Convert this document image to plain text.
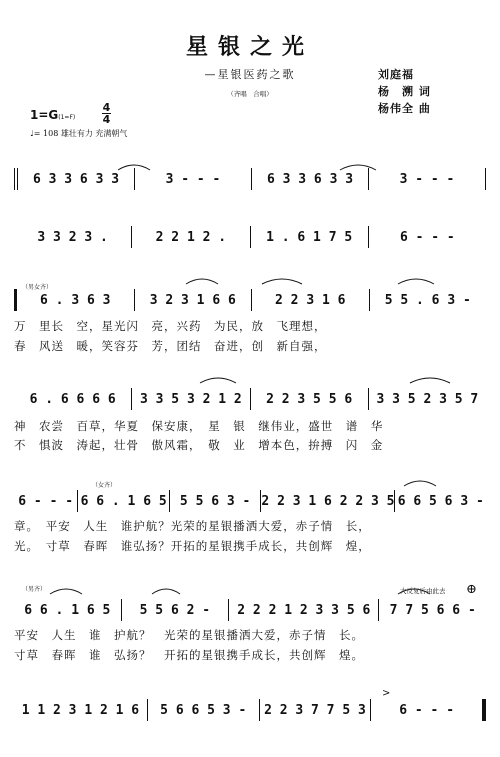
星银之光
—星银医药之歌
（齐唱　合唱）
刘庭福
杨　溯 词
杨伟全 曲
1=G(1=F)
4
4
♩= 108 雄壮有力 充满朝气
6 3 3 6 3 3	3 - - -	6 3 3 6 3 3	3 - - -
3 3 2 3 .	2 2 1 2 .	1 . 6 1 7 5	6 - - -
（男女齐）
6 . 3 6 3	3 2 3 1 6 6	2 2 3 1 6	5 5 . 6 3 -
万　里长　空，星光闪　亮，兴药　为民，放　飞理想，
春　风送　暖，笑容芬　芳，团结　奋进，创　新自强，
6 . 6 6 6 6	3 3 5 3 2 1 2	2 2 3 5 5 6	3 3 5 2 3 5 7
神　农尝　百草，华夏　保安康，　星　银　继伟业，盛世　谱　华
不　惧波　涛起，壮骨　傲风霜，　敬　业　增本色，拚搏　闪　金
（女齐）
6 - - - 6 6 . 1 6 5	5 5 6 3 - 2 2 3 1 6 2 2 3 5 6 6 5 6 3 -
章。　平安　人生　谁护航？光荣的星银播洒大爱，赤子情　长，
光。　寸草　春晖　谁弘扬？开拓的星银携手成长，共创辉　煌，
（男齐）	大反复后由此去 ⊕
6 6 . 1 6 5	5 5 6 2 -	2 2 2 1 2 3 3 5 6	7 7 5 6 6 -
平安　人生　谁　护航？　光荣的星银播洒大爱，赤子情　长。
寸草　春晖　谁　弘扬？　开拓的星银携手成长，共创辉　煌。
>
1 1 2 3 1 2 1 6	5 6 6 5 3 -	2 2 3 7 7 5 3	6 - - -
